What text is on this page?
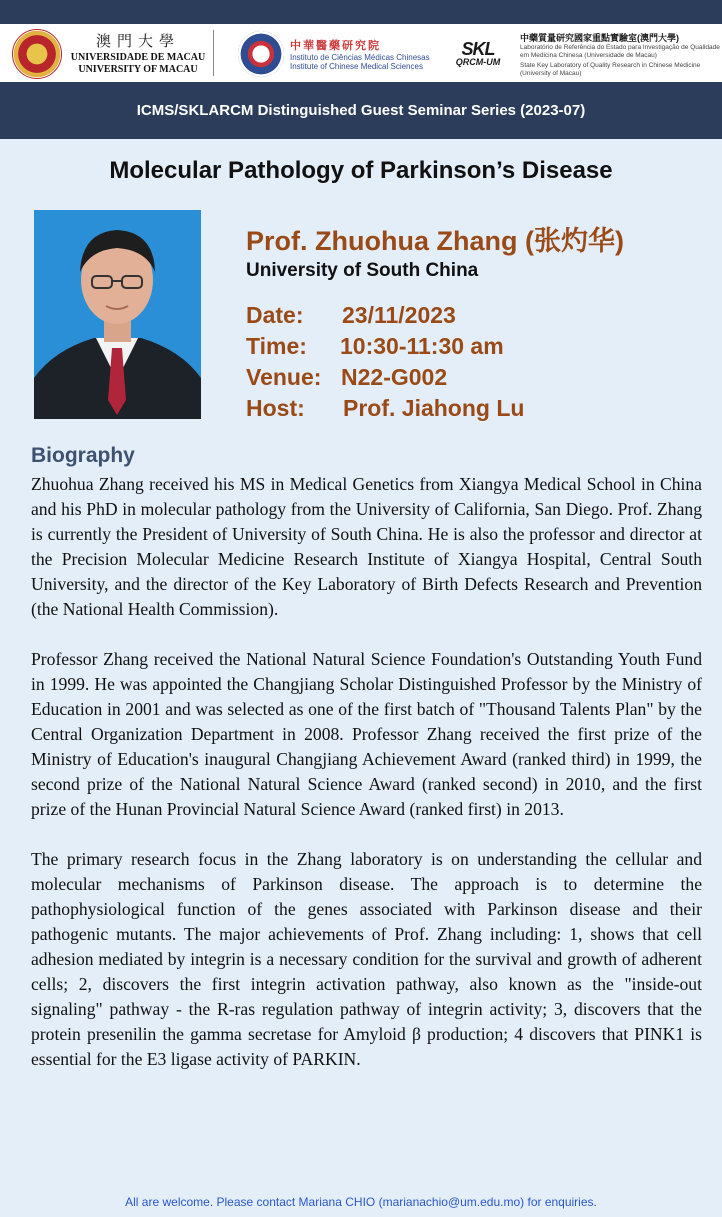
澳門大學
UNIVERSIDADE DE MACAU
UNIVERSITY OF MACAU
中華醫藥研究院
Instituto de Ciências Médicas Chinesas
Institute of Chinese Medical Sciences
SKL
QRCM-UM
中藥質量研究國家重點實驗室(澳門大學)
Laboratório de Referência do Estado para Investigação de Qualidade em Medicina Chinesa (Universidade de Macau)
State Key Laboratory of Quality Research in Chinese Medicine (University of Macau)
ICMS/SKLARCM Distinguished Guest Seminar Series (2023-07)
Molecular Pathology of Parkinson’s Disease
Prof. Zhuohua Zhang (张灼华)
University of South China
Date: 23/11/2023
Time: 10:30-11:30 am
Venue: N22-G002
Host: Prof. Jiahong Lu
Biography

Zhuohua Zhang received his MS in Medical Genetics from Xiangya Medical School in China and his PhD in molecular pathology from the University of California, San Diego. Prof. Zhang is currently the President of University of South China. He is also the professor and director at the Precision Molecular Medicine Research Institute of Xiangya Hospital, Central South University, and the director of the Key Laboratory of Birth Defects Research and Prevention (the National Health Commission).

Professor Zhang received the National Natural Science Foundation's Outstanding Youth Fund in 1999. He was appointed the Changjiang Scholar Distinguished Professor by the Ministry of Education in 2001 and was selected as one of the first batch of "Thousand Talents Plan" by the Central Organization Department in 2008. Professor Zhang received the first prize of the Ministry of Education's inaugural Changjiang Achievement Award (ranked third) in 1999, the second prize of the National Natural Science Award (ranked second) in 2010, and the first prize of the Hunan Provincial Natural Science Award (ranked first) in 2013.

The primary research focus in the Zhang laboratory is on understanding the cellular and molecular mechanisms of Parkinson disease. The approach is to determine the pathophysiological function of the genes associated with Parkinson disease and their pathogenic mutants. The major achievements of Prof. Zhang including: 1, shows that cell adhesion mediated by integrin is a necessary condition for the survival and growth of adherent cells; 2, discovers the first integrin activation pathway, also known as the "inside-out signaling" pathway - the R-ras regulation pathway of integrin activity; 3, discovers that the protein presenilin the gamma secretase for Amyloid β production; 4 discovers that PINK1 is essential for the E3 ligase activity of PARKIN.

All are welcome. Please contact Mariana CHIO (marianachio@um.edu.mo) for enquiries.
